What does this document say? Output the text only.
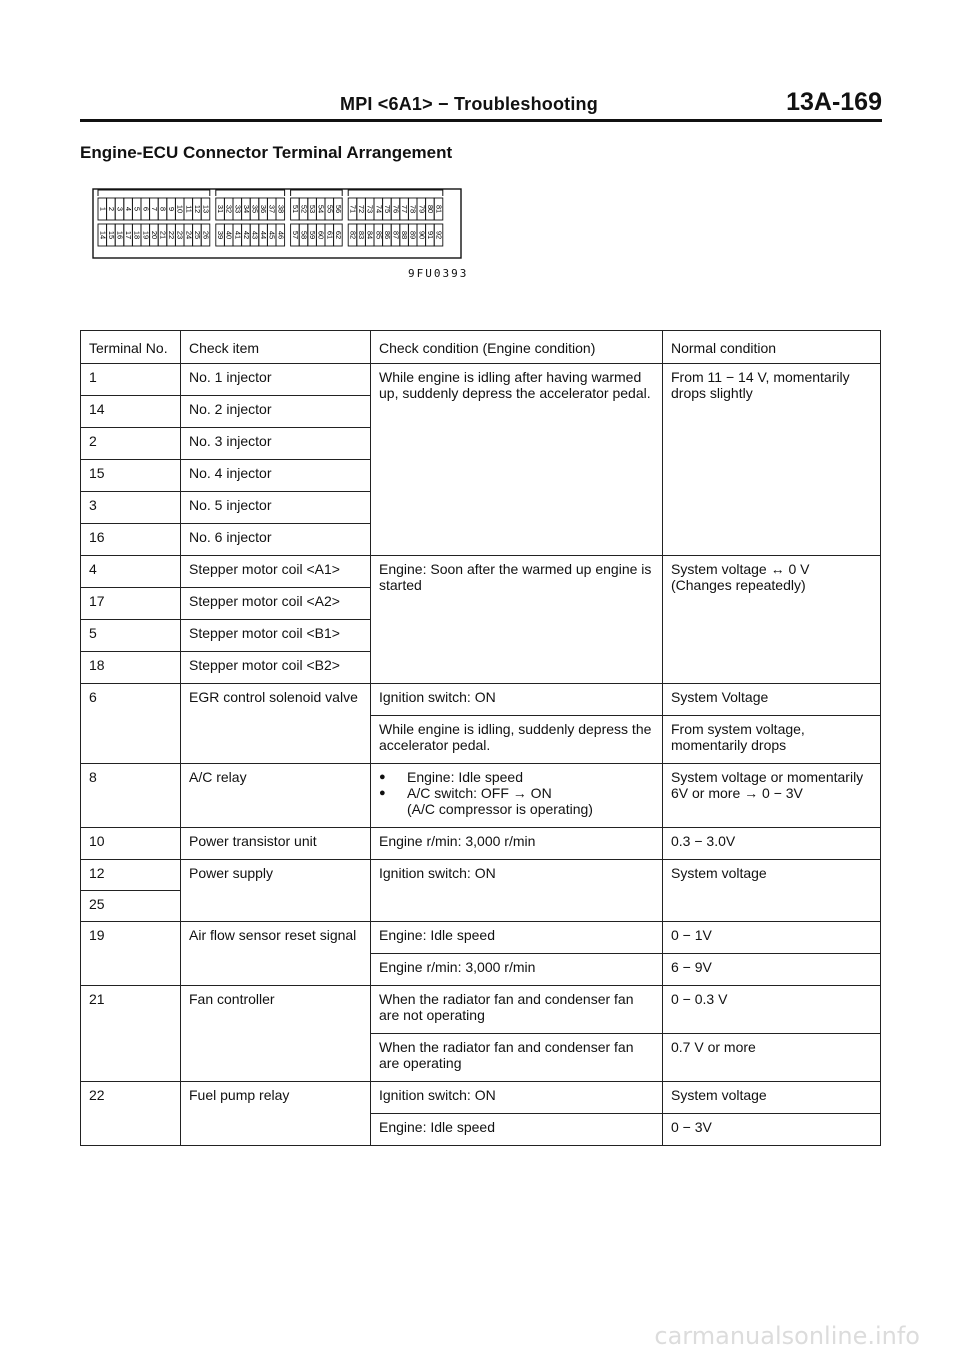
MPI <6A1> − Troubleshooting	13A-169
Engine-ECU Connector Terminal Arrangement
1
14
2
15
3
16
4
17
5
18
6
19
7
20
8
21
9
22
10
23
11
24
12
25
13
26
31
39
32
40
33
41
34
42
35
43
36
44
37
45
38
46
51
57
52
58
53
59
54
60
55
61
56
62
71
82
72
83
73
84
74
85
75
86
76
87
77
88
78
89
79
90
80
91
81
92
9FU0393
Terminal No.	Check item	Check condition (Engine condition)	Normal condition
1	No. 1 injector	While engine is idling after having warmed up, suddenly depress the accelerator pedal.	From 11 − 14 V, momentarily drops slightly
14	No. 2 injector		
2	No. 3 injector		
15	No. 4 injector		
3	No. 5 injector		
16	No. 6 injector		
4	Stepper motor coil <A1>	Engine: Soon after the warmed up engine is started	System voltage ↔ 0 V (Changes repeatedly)
17	Stepper motor coil <A2>		
5	Stepper motor coil <B1>		
18	Stepper motor coil <B2>		
6	EGR control solenoid valve	Ignition switch: ON	System Voltage
		While engine is idling, suddenly depress the accelerator pedal.	From system voltage, momentarily drops
8	A/C relay	● Engine: Idle speed
● A/C switch: OFF → ON
(A/C compressor is operating)	System voltage or momentarily 6V or more → 0 − 3V
10	Power transistor unit	Engine r/min: 3,000 r/min	0.3 − 3.0V
12	Power supply	Ignition switch: ON	System voltage
25			
19	Air flow sensor reset signal	Engine: Idle speed	0 − 1V
		Engine r/min: 3,000 r/min	6 − 9V
21	Fan controller	When the radiator fan and condenser fan are not operating	0 − 0.3 V
		When the radiator fan and condenser fan are operating	0.7 V or more
22	Fuel pump relay	Ignition switch: ON	System voltage
		Engine: Idle speed	0 − 3V
carmanualsonline.info
